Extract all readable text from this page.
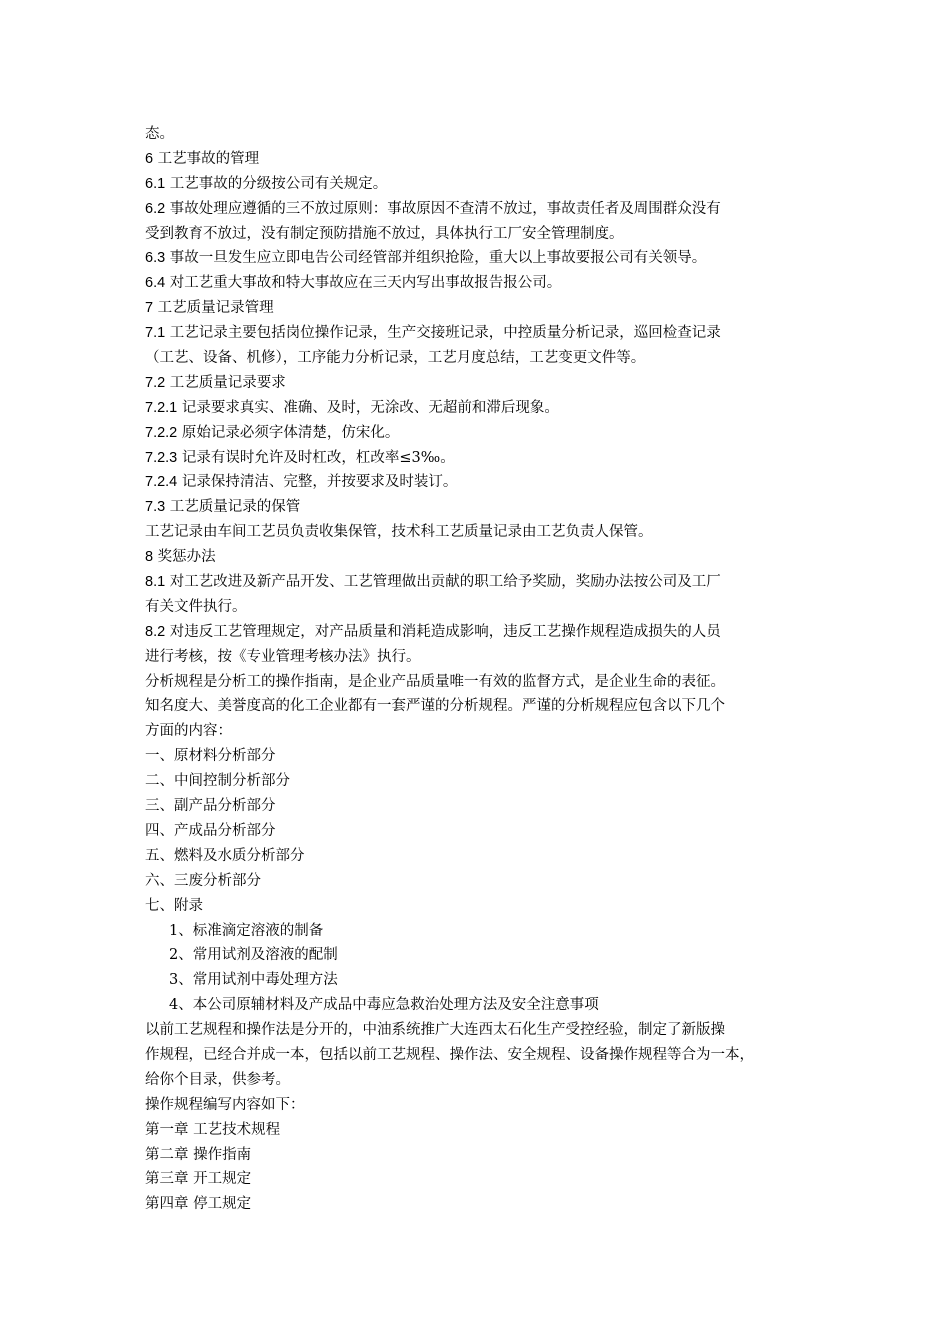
态。
6 工艺事故的管理
6.1 工艺事故的分级按公司有关规定。
6.2 事故处理应遵循的三不放过原则：事故原因不查清不放过，事故责任者及周围群众没有
受到教育不放过，没有制定预防措施不放过，具体执行工厂安全管理制度。
6.3 事故一旦发生应立即电告公司经管部并组织抢险，重大以上事故要报公司有关领导。
6.4 对工艺重大事故和特大事故应在三天内写出事故报告报公司。
7 工艺质量记录管理
7.1 工艺记录主要包括岗位操作记录，生产交接班记录，中控质量分析记录，巡回检查记录
（工艺、设备、机修），工序能力分析记录，工艺月度总结，工艺变更文件等。
7.2 工艺质量记录要求
7.2.1 记录要求真实、准确、及时，无涂改、无超前和滞后现象。
7.2.2 原始记录必须字体清楚，仿宋化。
7.2.3 记录有误时允许及时杠改，杠改率≤3‰。
7.2.4 记录保持清洁、完整，并按要求及时装订。
7.3 工艺质量记录的保管
工艺记录由车间工艺员负责收集保管，技术科工艺质量记录由工艺负责人保管。
8 奖惩办法
8.1 对工艺改进及新产品开发、工艺管理做出贡献的职工给予奖励，奖励办法按公司及工厂
有关文件执行。
8.2 对违反工艺管理规定，对产品质量和消耗造成影响，违反工艺操作规程造成损失的人员
进行考核，按《专业管理考核办法》执行。
分析规程是分析工的操作指南，是企业产品质量唯一有效的监督方式，是企业生命的表征。
知名度大、美誉度高的化工企业都有一套严谨的分析规程。严谨的分析规程应包含以下几个
方面的内容：
一、原材料分析部分
二、中间控制分析部分
三、副产品分析部分
四、产成品分析部分
五、燃料及水质分析部分
六、三废分析部分
七、附录
1、标准滴定溶液的制备
2、常用试剂及溶液的配制
3、常用试剂中毒处理方法
4、本公司原辅材料及产成品中毒应急救治处理方法及安全注意事项
以前工艺规程和操作法是分开的，中油系统推广大连西太石化生产受控经验，制定了新版操
作规程，已经合并成一本，包括以前工艺规程、操作法、安全规程、设备操作规程等合为一本，
给你个目录，供参考。
操作规程编写内容如下：
第一章 工艺技术规程
第二章 操作指南
第三章 开工规定
第四章 停工规定
